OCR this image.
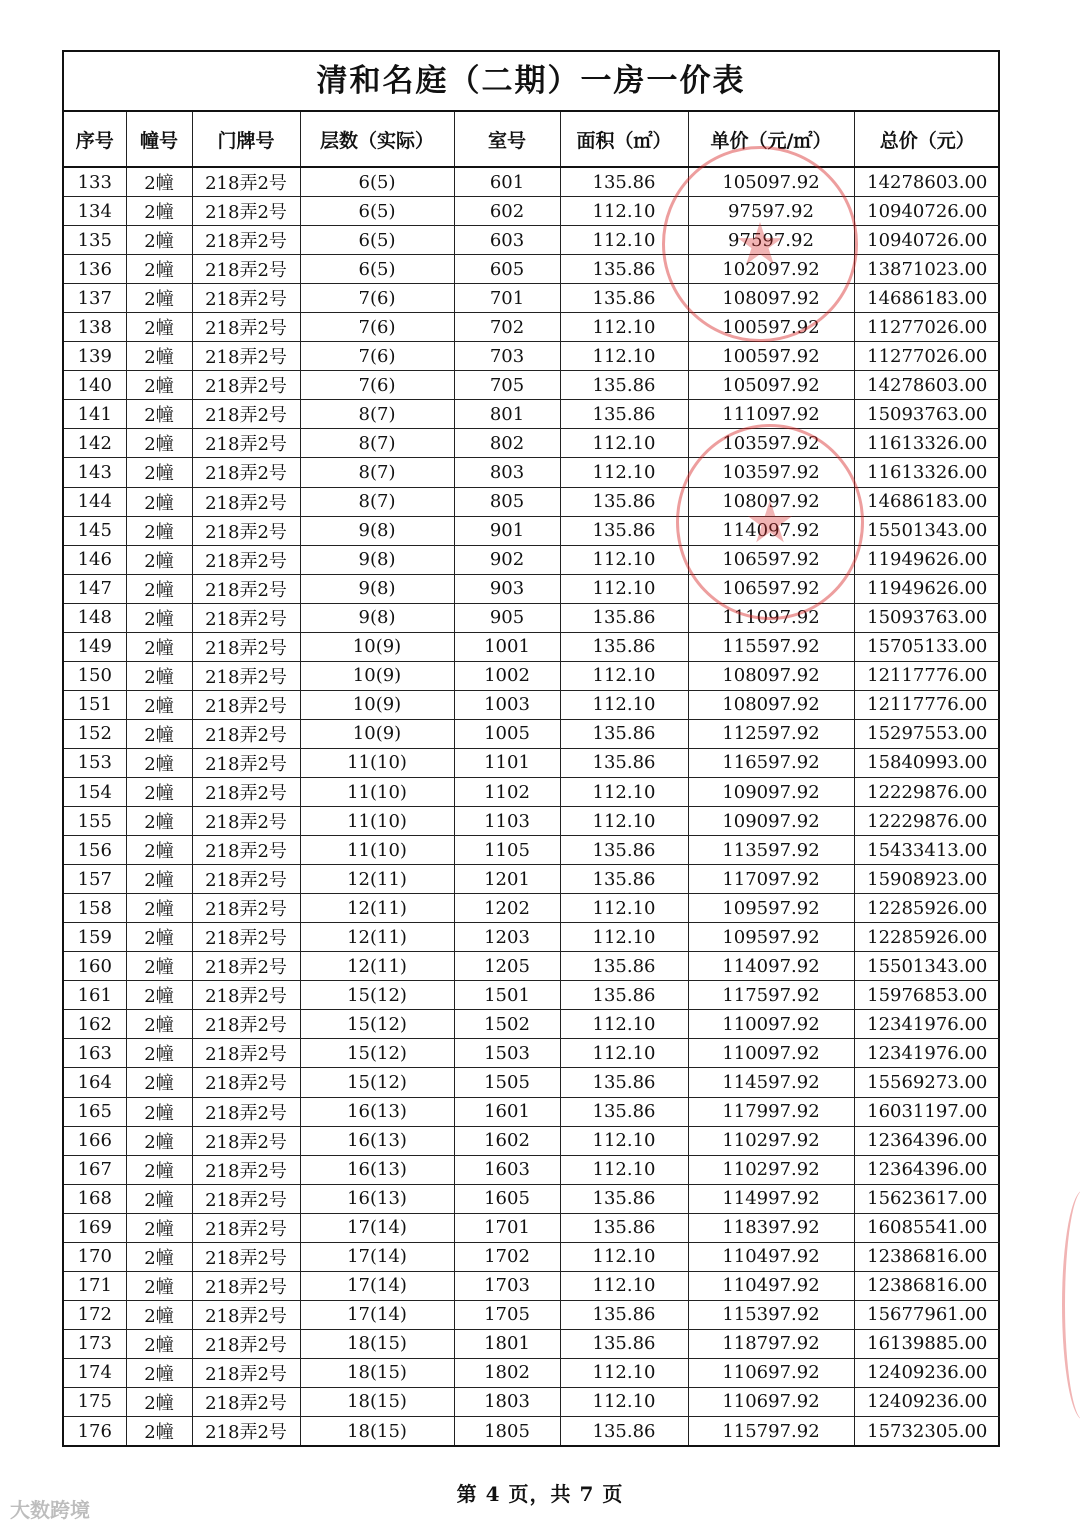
清和名庭（二期）一房一价表
序号	幢号	门牌号	层数（实际）	室号	面积（㎡）	单价（元/㎡）	总价（元）
133	2幢	218弄2号	6(5)	601	135.86	105097.92	14278603.00
134	2幢	218弄2号	6(5)	602	112.10	97597.92	10940726.00
135	2幢	218弄2号	6(5)	603	112.10	97597.92	10940726.00
136	2幢	218弄2号	6(5)	605	135.86	102097.92	13871023.00
137	2幢	218弄2号	7(6)	701	135.86	108097.92	14686183.00
138	2幢	218弄2号	7(6)	702	112.10	100597.92	11277026.00
139	2幢	218弄2号	7(6)	703	112.10	100597.92	11277026.00
140	2幢	218弄2号	7(6)	705	135.86	105097.92	14278603.00
141	2幢	218弄2号	8(7)	801	135.86	111097.92	15093763.00
142	2幢	218弄2号	8(7)	802	112.10	103597.92	11613326.00
143	2幢	218弄2号	8(7)	803	112.10	103597.92	11613326.00
144	2幢	218弄2号	8(7)	805	135.86	108097.92	14686183.00
145	2幢	218弄2号	9(8)	901	135.86	114097.92	15501343.00
146	2幢	218弄2号	9(8)	902	112.10	106597.92	11949626.00
147	2幢	218弄2号	9(8)	903	112.10	106597.92	11949626.00
148	2幢	218弄2号	9(8)	905	135.86	111097.92	15093763.00
149	2幢	218弄2号	10(9)	1001	135.86	115597.92	15705133.00
150	2幢	218弄2号	10(9)	1002	112.10	108097.92	12117776.00
151	2幢	218弄2号	10(9)	1003	112.10	108097.92	12117776.00
152	2幢	218弄2号	10(9)	1005	135.86	112597.92	15297553.00
153	2幢	218弄2号	11(10)	1101	135.86	116597.92	15840993.00
154	2幢	218弄2号	11(10)	1102	112.10	109097.92	12229876.00
155	2幢	218弄2号	11(10)	1103	112.10	109097.92	12229876.00
156	2幢	218弄2号	11(10)	1105	135.86	113597.92	15433413.00
157	2幢	218弄2号	12(11)	1201	135.86	117097.92	15908923.00
158	2幢	218弄2号	12(11)	1202	112.10	109597.92	12285926.00
159	2幢	218弄2号	12(11)	1203	112.10	109597.92	12285926.00
160	2幢	218弄2号	12(11)	1205	135.86	114097.92	15501343.00
161	2幢	218弄2号	15(12)	1501	135.86	117597.92	15976853.00
162	2幢	218弄2号	15(12)	1502	112.10	110097.92	12341976.00
163	2幢	218弄2号	15(12)	1503	112.10	110097.92	12341976.00
164	2幢	218弄2号	15(12)	1505	135.86	114597.92	15569273.00
165	2幢	218弄2号	16(13)	1601	135.86	117997.92	16031197.00
166	2幢	218弄2号	16(13)	1602	112.10	110297.92	12364396.00
167	2幢	218弄2号	16(13)	1603	112.10	110297.92	12364396.00
168	2幢	218弄2号	16(13)	1605	135.86	114997.92	15623617.00
169	2幢	218弄2号	17(14)	1701	135.86	118397.92	16085541.00
170	2幢	218弄2号	17(14)	1702	112.10	110497.92	12386816.00
171	2幢	218弄2号	17(14)	1703	112.10	110497.92	12386816.00
172	2幢	218弄2号	17(14)	1705	135.86	115397.92	15677961.00
173	2幢	218弄2号	18(15)	1801	135.86	118797.92	16139885.00
174	2幢	218弄2号	18(15)	1802	112.10	110697.92	12409236.00
175	2幢	218弄2号	18(15)	1803	112.10	110697.92	12409236.00
176	2幢	218弄2号	18(15)	1805	135.86	115797.92	15732305.00
★
★
第 4 页，共 7 页
大数跨境
